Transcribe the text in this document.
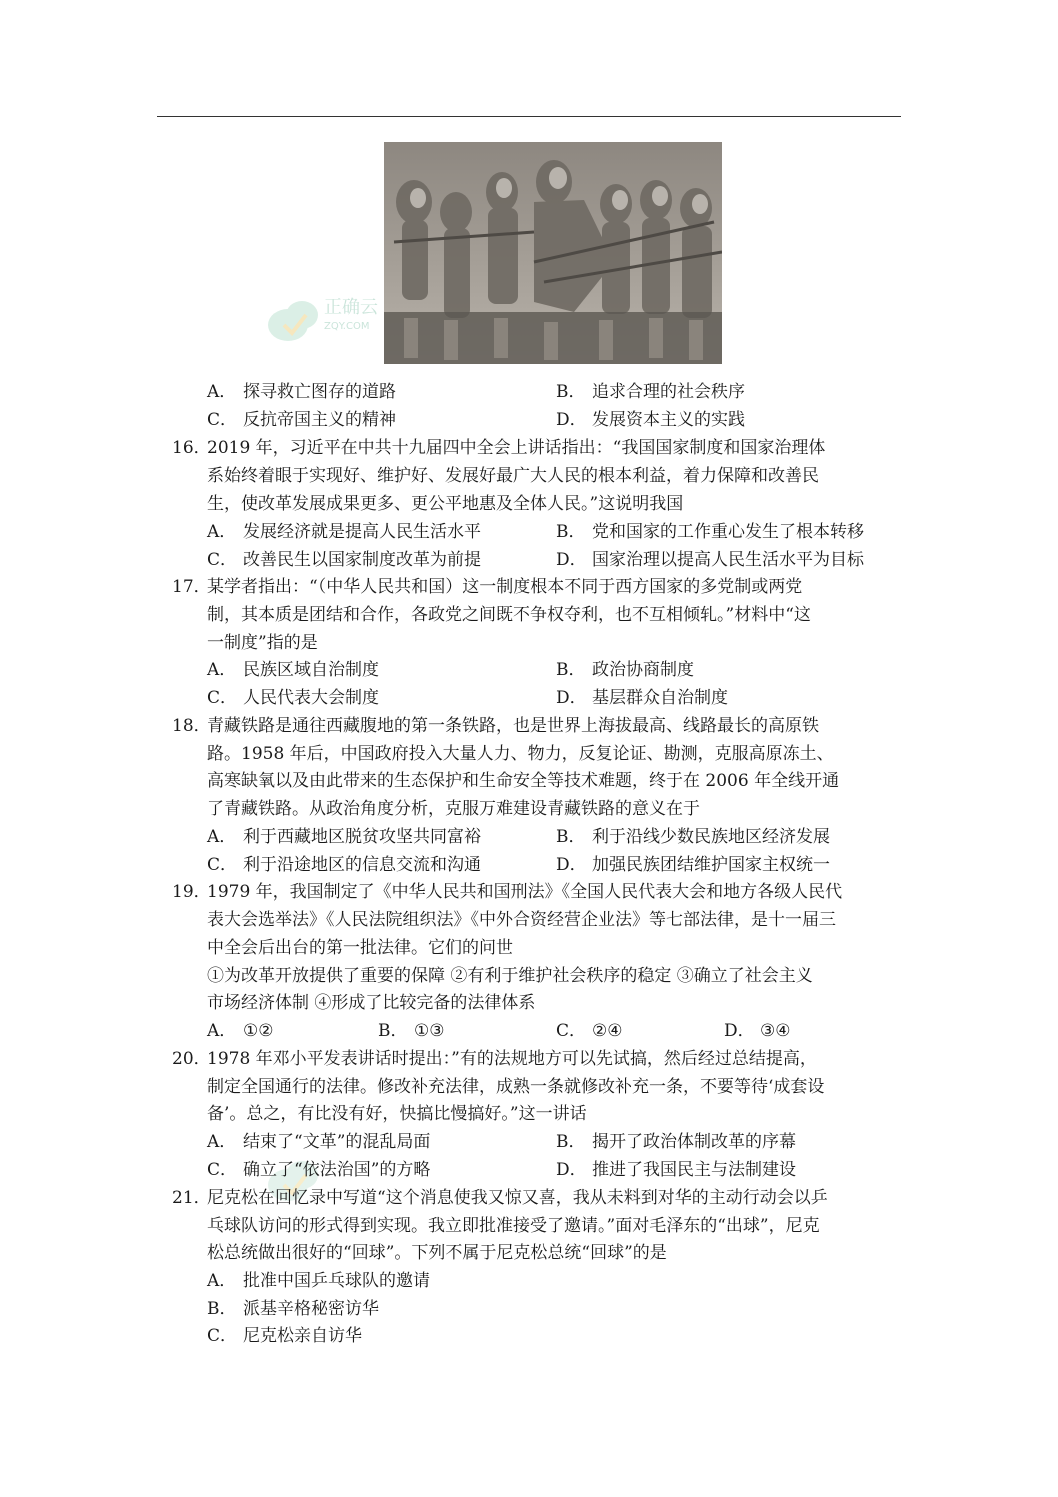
正确云
ZQY.COM
A． 探寻救亡图存的道路	B． 追求合理的社会秩序
C． 反抗帝国主义的精神	D． 发展资本主义的实践
16．
2019 年，习近平在中共十九届四中全会上讲话指出：“我国国家制度和国家治理体
系始终着眼于实现好、维护好、发展好最广大人民的根本利益，着力保障和改善民
生，使改革发展成果更多、更公平地惠及全体人民。”这说明我国
A． 发展经济就是提高人民生活水平	B． 党和国家的工作重心发生了根本转移
C． 改善民生以国家制度改革为前提	D． 国家治理以提高人民生活水平为目标
17．
某学者指出：“（中华人民共和国）这一制度根本不同于西方国家的多党制或两党
制，其本质是团结和合作，各政党之间既不争权夺利，也不互相倾轧。”材料中“这
一制度”指的是
A． 民族区域自治制度	B． 政治协商制度
C． 人民代表大会制度	D． 基层群众自治制度
18．
青藏铁路是通往西藏腹地的第一条铁路，也是世界上海拔最高、线路最长的高原铁
路。1958 年后，中国政府投入大量人力、物力，反复论证、勘测，克服高原冻土、
高寒缺氧以及由此带来的生态保护和生命安全等技术难题，终于在 2006 年全线开通
了青藏铁路。从政治角度分析，克服万难建设青藏铁路的意义在于
A． 利于西藏地区脱贫攻坚共同富裕	B． 利于沿线少数民族地区经济发展
C． 利于沿途地区的信息交流和沟通	D． 加强民族团结维护国家主权统一
19．
1979 年，我国制定了《中华人民共和国刑法》《全国人民代表大会和地方各级人民代
表大会选举法》《人民法院组织法》《中外合资经营企业法》等七部法律，是十一届三
中全会后出台的第一批法律。它们的问世
①为改革开放提供了重要的保障 ②有利于维护社会秩序的稳定 ③确立了社会主义
市场经济体制 ④形成了比较完备的法律体系
A． ①②	B． ①③	C． ②④	D． ③④
20．
1978 年邓小平发表讲话时提出：”有的法规地方可以先试搞，然后经过总结提高，
制定全国通行的法律。修改补充法律，成熟一条就修改补充一条，不要等待‘成套设
备’。总之，有比没有好，快搞比慢搞好。”这一讲话
A． 结束了“文革”的混乱局面	B． 揭开了政治体制改革的序幕
C． 确立了“依法治国”的方略	D． 推进了我国民主与法制建设
21．
尼克松在回忆录中写道“这个消息使我又惊又喜，我从未料到对华的主动行动会以乒
乓球队访问的形式得到实现。我立即批准接受了邀请。”面对毛泽东的“出球”，尼克
松总统做出很好的“回球”。下列不属于尼克松总统“回球”的是
A． 批准中国乒乓球队的邀请
B． 派基辛格秘密访华
C． 尼克松亲自访华
